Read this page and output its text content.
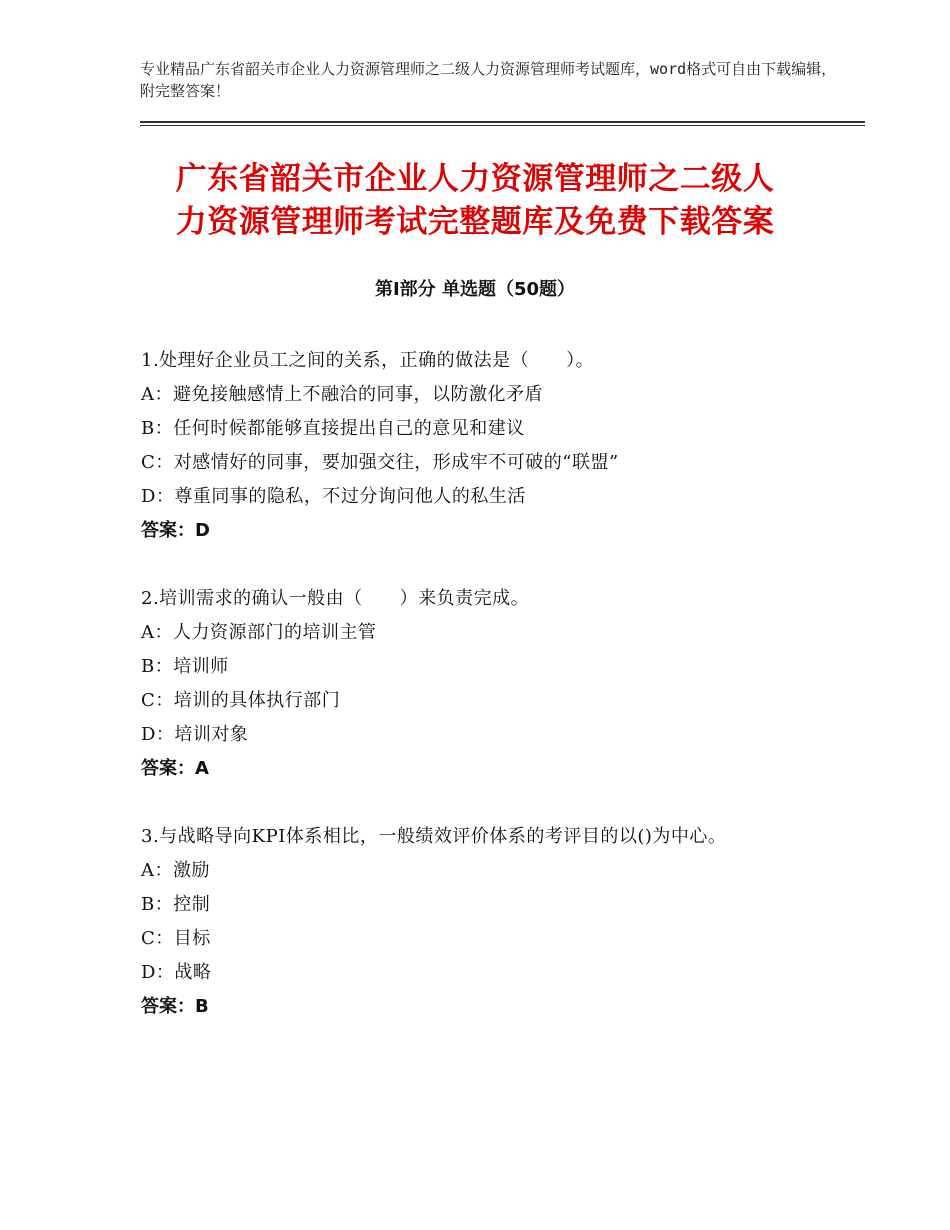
专业精品广东省韶关市企业人力资源管理师之二级人力资源管理师考试题库，word格式可自由下载编辑，附完整答案！
广东省韶关市企业人力资源管理师之二级人
力资源管理师考试完整题库及免费下载答案
第Ⅰ部分 单选题（50题）
1.处理好企业员工之间的关系，正确的做法是（　　）。
A：避免接触感情上不融洽的同事，以防激化矛盾
B：任何时候都能够直接提出自己的意见和建议
C：对感情好的同事，要加强交往，形成牢不可破的“联盟”
D：尊重同事的隐私，不过分询问他人的私生活
答案：D
2.培训需求的确认一般由（　　）来负责完成。
A：人力资源部门的培训主管
B：培训师
C：培训的具体执行部门
D：培训对象
答案：A
3.与战略导向KPI体系相比，一般绩效评价体系的考评目的以()为中心。
A：激励
B：控制
C：目标
D：战略
答案：B
